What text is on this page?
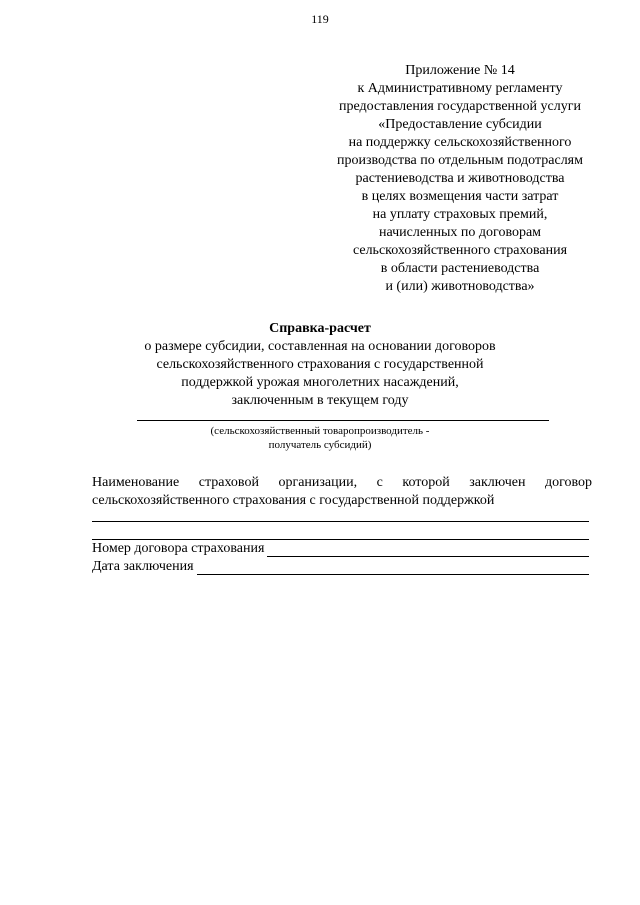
119
Приложение № 14
к Административному регламенту
предоставления государственной услуги
«Предоставление субсидии
на поддержку сельскохозяйственного
производства по отдельным подотраслям
растениеводства и животноводства
в целях возмещения части затрат
на уплату страховых премий,
начисленных по договорам
сельскохозяйственного страхования
в области растениеводства
и (или) животноводства»
Справка-расчет
о размере субсидии, составленная на основании договоров
сельскохозяйственного страхования с государственной
поддержкой урожая многолетних насаждений,
заключенным в текущем году
(сельскохозяйственный товаропроизводитель -
получатель субсидий)
Наименование страховой организации, с которой заключен договор
сельскохозяйственного страхования с государственной поддержкой
Номер договора страхования
Дата заключения
